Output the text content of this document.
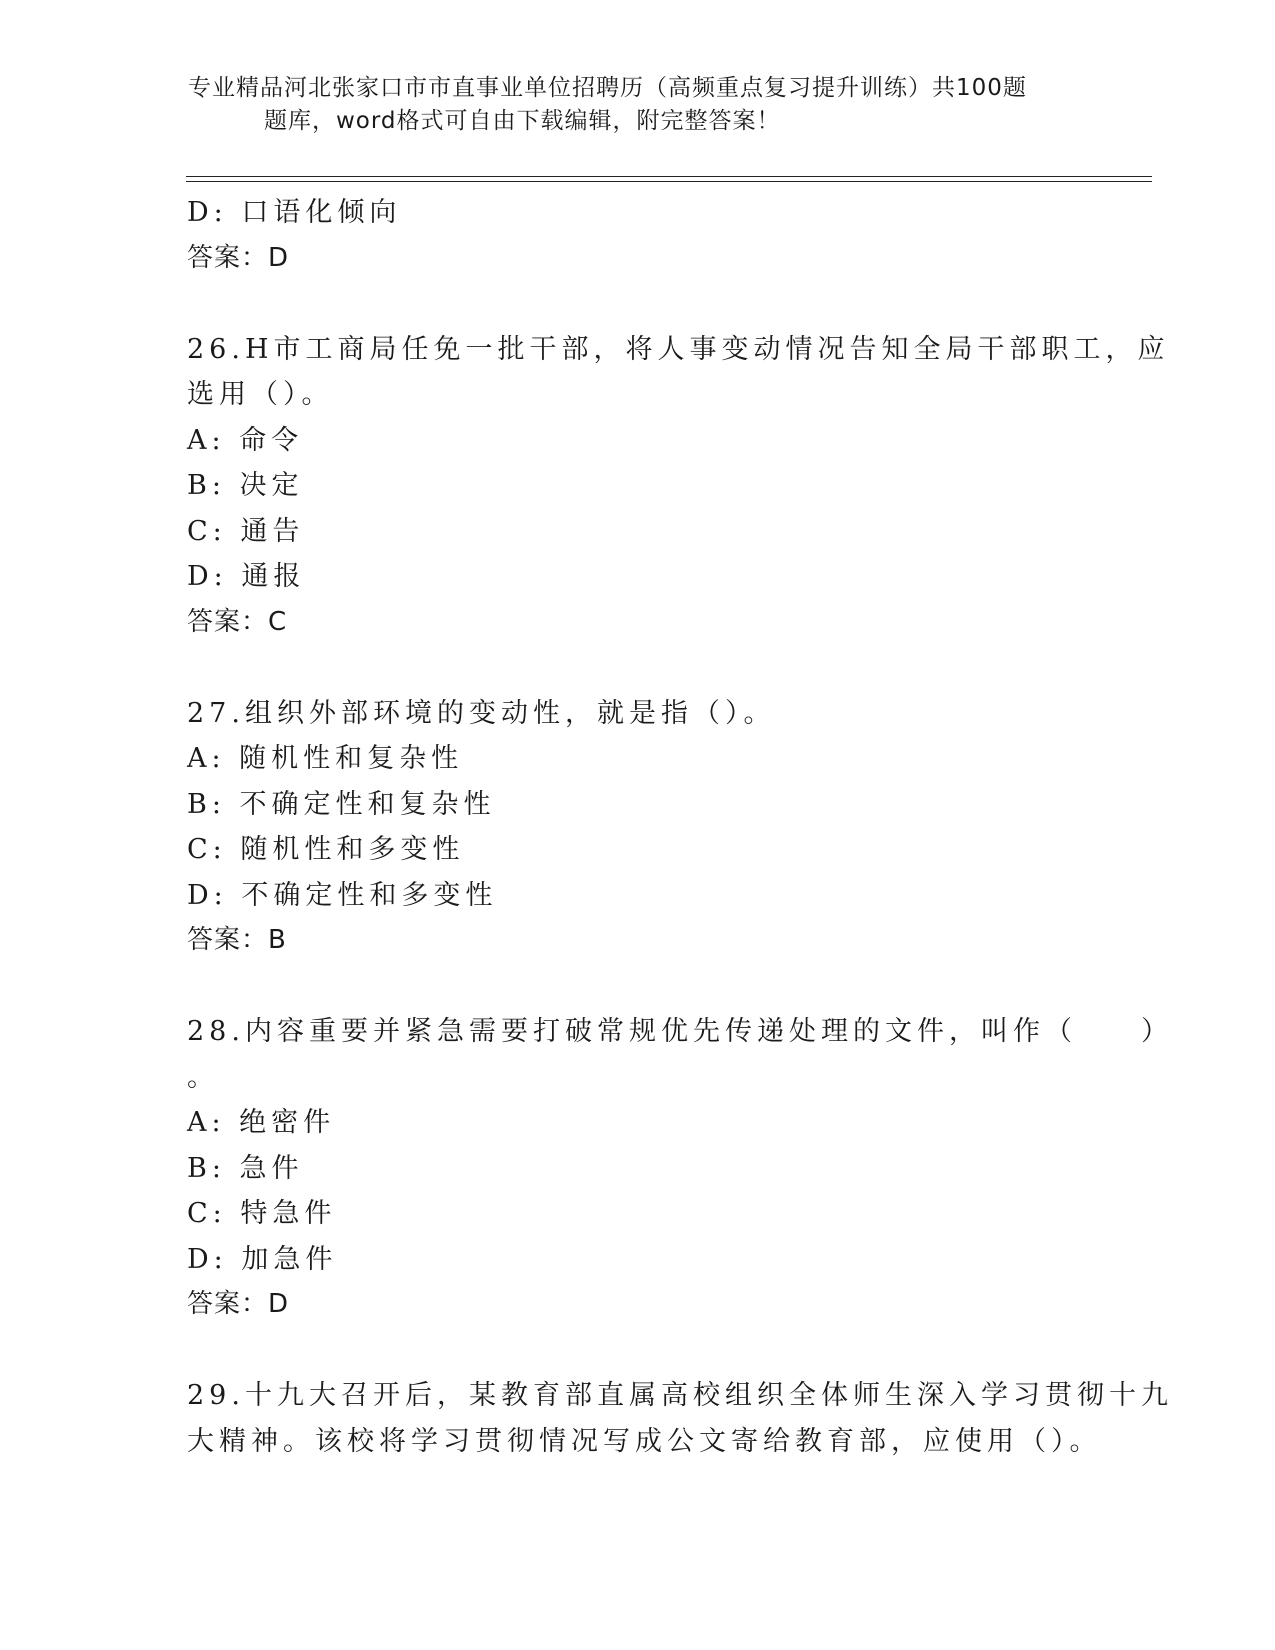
专业精品河北张家口市市直事业单位招聘历（高频重点复习提升训练）共100题
题库，word格式可自由下载编辑，附完整答案！
D: 口语化倾向
答案：D
26.H市工商局任免一批干部，将人事变动情况告知全局干部职工，应
选用（）。
A: 命令
B: 决定
C: 通告
D: 通报
答案：C
27.组织外部环境的变动性，就是指（）。
A: 随机性和复杂性
B: 不确定性和复杂性
C: 随机性和多变性
D: 不确定性和多变性
答案：B
28.内容重要并紧急需要打破常规优先传递处理的文件，叫作（　　）
。
A: 绝密件
B: 急件
C: 特急件
D: 加急件
答案：D
29.十九大召开后，某教育部直属高校组织全体师生深入学习贯彻十九
大精神。该校将学习贯彻情况写成公文寄给教育部，应使用（）。
